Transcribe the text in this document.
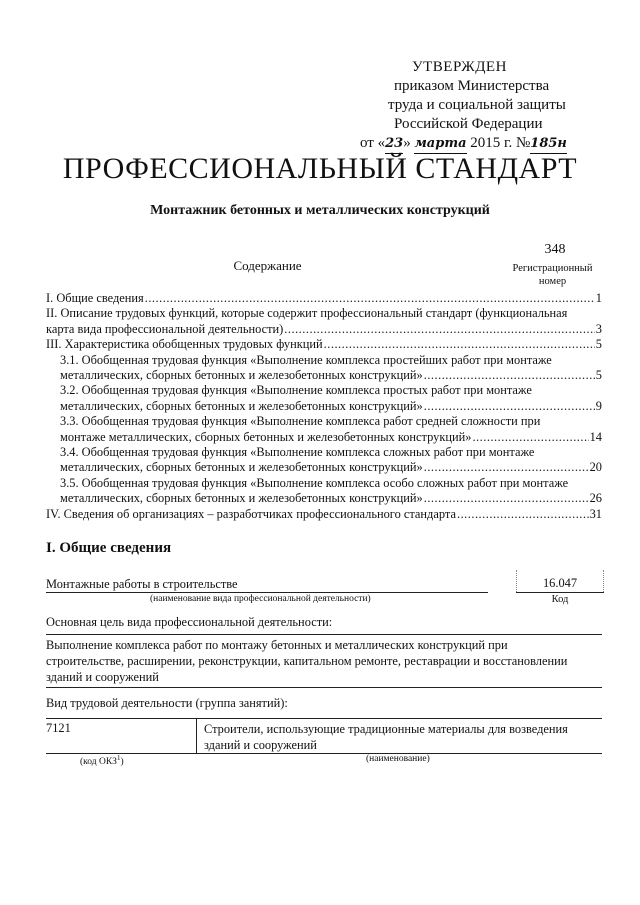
УТВЕРЖДЕН
приказом Министерства
труда и социальной защиты
Российской Федерации
от «23» марта 2015 г. №185н
ПРОФЕССИОНАЛЬНЫЙ СТАНДАРТ
Монтажник бетонных и металлических конструкций
348
Регистрационный
номер
Содержание
I. Общие сведения .....	1
II. Описание трудовых функций, которые содержит профессиональный стандарт (функциональная
карта вида профессиональной деятельности) .....	3
III. Характеристика обобщенных трудовых функций .....	5
3.1. Обобщенная трудовая функция «Выполнение комплекса простейших работ при монтаже
металлических, сборных бетонных и железобетонных конструкций» .....	5
3.2. Обобщенная трудовая функция «Выполнение комплекса простых работ при монтаже
металлических, сборных бетонных и железобетонных конструкций» .....	9
3.3. Обобщенная трудовая функция «Выполнение комплекса работ средней сложности при
монтаже металлических, сборных бетонных и железобетонных конструкций» .....	14
3.4. Обобщенная трудовая функция «Выполнение комплекса сложных работ при монтаже
металлических, сборных бетонных и железобетонных конструкций» .....	20
3.5. Обобщенная трудовая функция «Выполнение комплекса особо сложных работ при монтаже
металлических, сборных бетонных и железобетонных конструкций» .....	26
IV. Сведения об организациях – разработчиках профессионального стандарта .....	31
I. Общие сведения
Монтажные работы в строительстве
(наименование вида профессиональной деятельности)
16.047
Код
Основная цель вида профессиональной деятельности:
Выполнение комплекса работ по монтажу бетонных и металлических конструкций при
строительстве, расширении, реконструкции, капитальном ремонте, реставрации и восстановлении
зданий и сооружений
Вид трудовой деятельности (группа занятий):
7121	Строители, использующие традиционные материалы для возведения
зданий и сооружений
(код ОКЗ$^1$)	(наименование)
